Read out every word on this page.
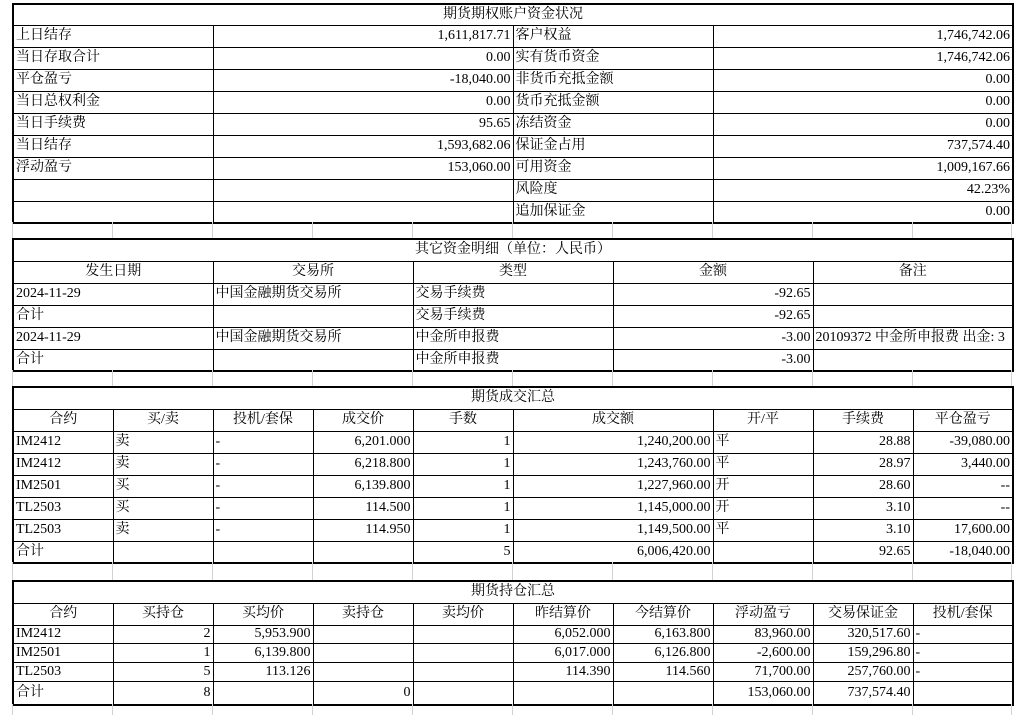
期货期权账户资金状况			
上日结存	1,611,817.71	客户权益	1,746,742.06
当日存取合计	0.00	实有货币资金	1,746,742.06
平仓盈亏	-18,040.00	非货币充抵金额	0.00
当日总权利金	0.00	货币充抵金额	0.00
当日手续费	95.65	冻结资金	0.00
当日结存	1,593,682.06	保证金占用	737,574.40
浮动盈亏	153,060.00	可用资金	1,009,167.66
		风险度	42.23%
		追加保证金	0.00
其它资金明细（单位：人民币）				
发生日期	交易所	类型	金额	备注
2024-11-29	中国金融期货交易所	交易手续费	-92.65	
合计		交易手续费	-92.65	
2024-11-29	中国金融期货交易所	中金所申报费	-3.00	20109372 中金所申报费 出金: 3
合计		中金所申报费	-3.00	
期货成交汇总								
合约	买/卖	投机/套保	成交价	手数	成交额	开/平	手续费	平仓盈亏
IM2412	卖	-	6,201.000	1	1,240,200.00	平	28.88	-39,080.00
IM2412	卖	-	6,218.800	1	1,243,760.00	平	28.97	3,440.00
IM2501	买	-	6,139.800	1	1,227,960.00	开	28.60	--
TL2503	买	-	114.500	1	1,145,000.00	开	3.10	--
TL2503	卖	-	114.950	1	1,149,500.00	平	3.10	17,600.00
合计				5	6,006,420.00		92.65	-18,040.00
期货持仓汇总									
合约	买持仓	买均价	卖持仓	卖均价	昨结算价	今结算价	浮动盈亏	交易保证金	投机/套保
IM2412	2	5,953.900			6,052.000	6,163.800	83,960.00	320,517.60	-
IM2501	1	6,139.800			6,017.000	6,126.800	-2,600.00	159,296.80	-
TL2503	5	113.126			114.390	114.560	71,700.00	257,760.00	-
合计	8		0				153,060.00	737,574.40	
